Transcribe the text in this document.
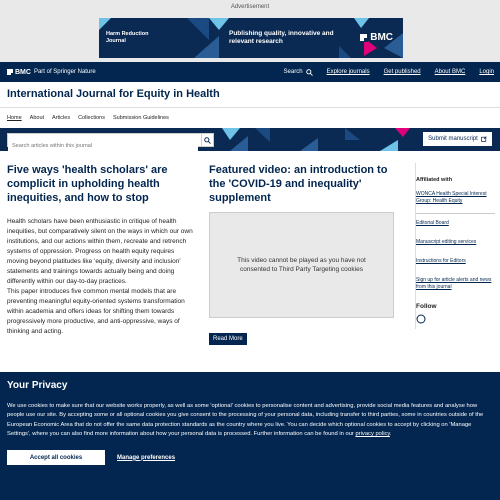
Advertisement
Harm Reduction Journal
Publishing quality, innovative and relevant research	BMC
BMC Part of Springer Nature	Search	Explore journals Get published About BMC Login
International Journal for Equity in Health
Home About Articles Collections Submission Guidelines
Search articles within this journal
Submit manuscript
Five ways 'health scholars' are complicit in upholding health inequities, and how to stop

Health scholars have been enthusiastic in critique of health inequities, but comparatively silent on the ways in which our own institutions, and our actions within them, recreate and retrench systems of oppression. Progress on health equity requires moving beyond platitudes like 'equity, diversity and inclusion' statements and trainings towards actually being and doing differently within our day-to-day practices.

This paper introduces five common mental models that are preventing meaningful equity-oriented systems transformation within academia and offers ideas for shifting them towards progressively more productive, and anti-oppressive, ways of thinking and acting.

Featured video: an introduction to the 'COVID-19 and inequality' supplement
This video cannot be played as you have not consented to Third Party Targeting cookies
Read More
Affiliated with
WONCA Health Special Interest Group: Health Equity
Editorial Board
Manuscript editing services
Instructions for Editors
Sign up for article alerts and news from this journal
Follow
Your Privacy

We use cookies to make sure that our website works properly, as well as some 'optional' cookies to personalise content and advertising, provide social media features and analyse how people use our site. By accepting some or all optional cookies you give consent to the processing of your personal data, including transfer to third parties, some in countries outside of the European Economic Area that do not offer the same data protection standards as the country where you live. You can decide which optional cookies to accept by clicking on 'Manage Settings', where you can also find more information about how your personal data is processed. Further information can be found in our privacy policy.

Accept all cookies	Manage preferences
